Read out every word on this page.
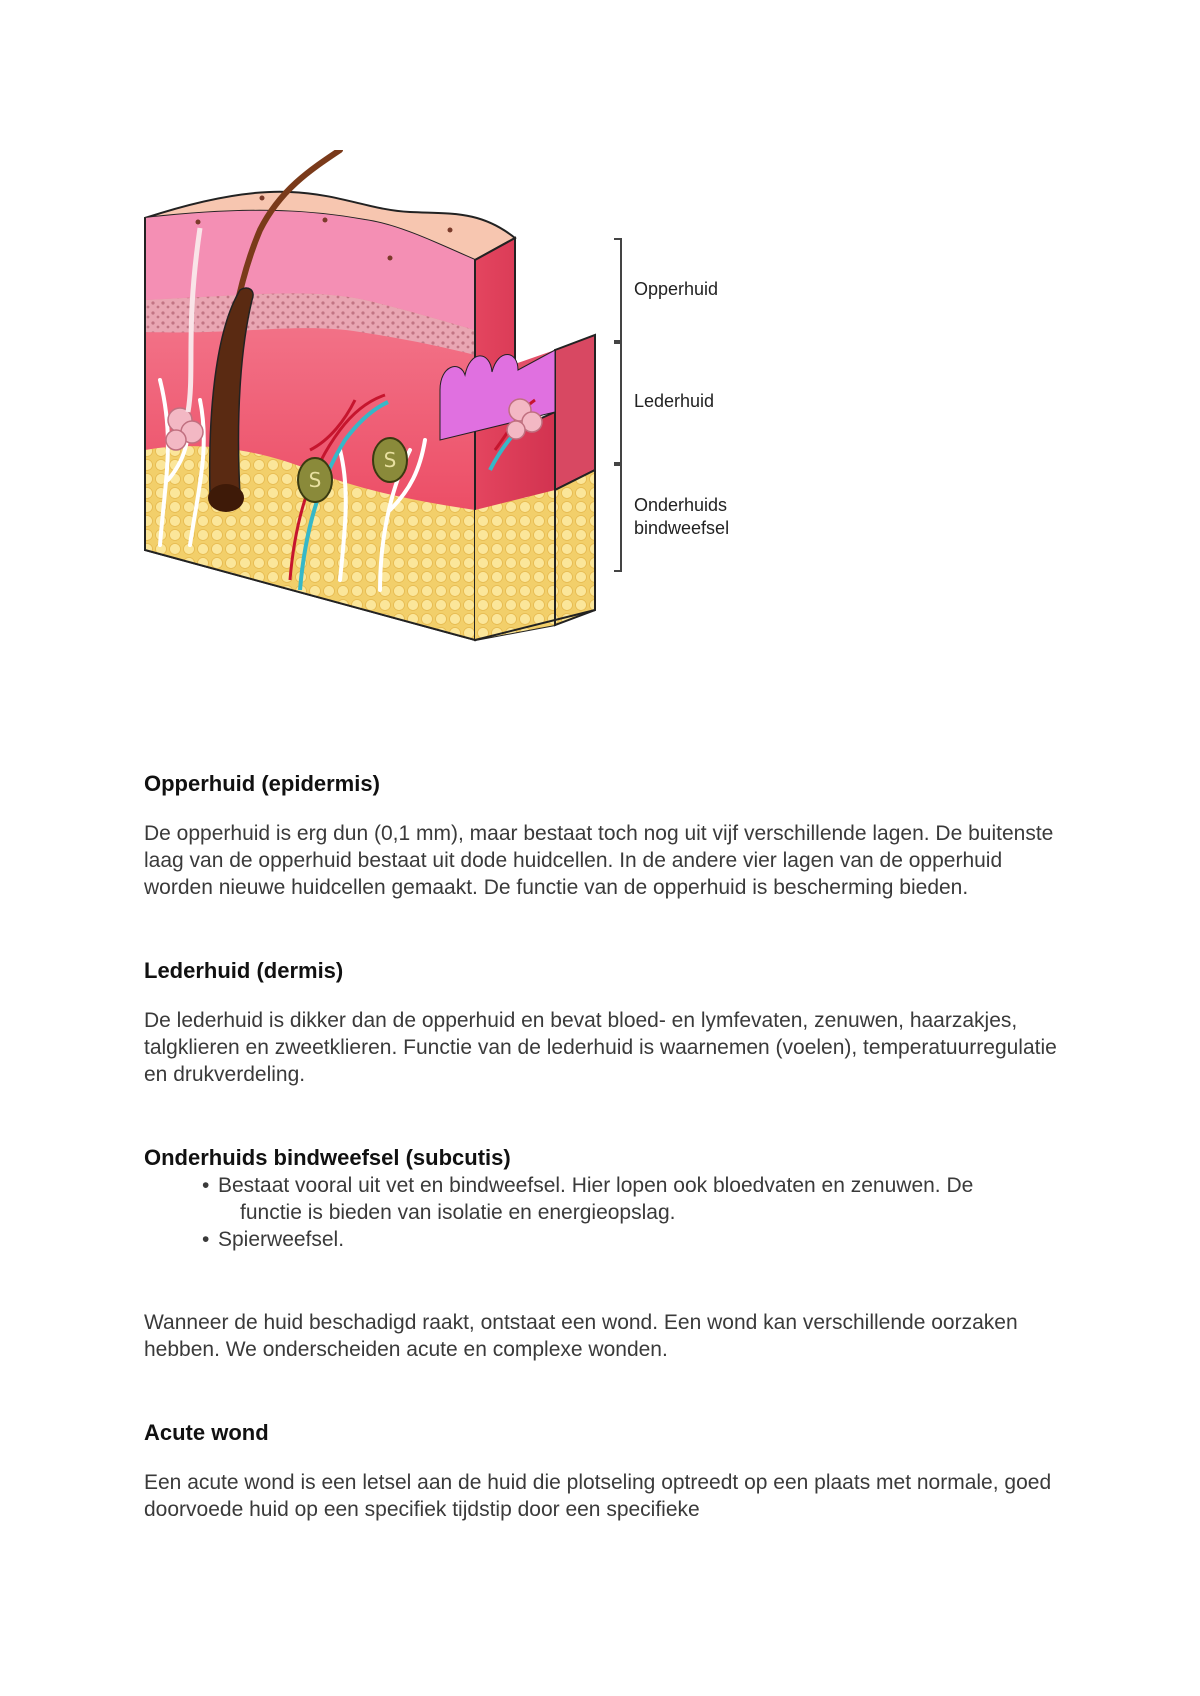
S
S
Opperhuid
Lederhuid
Onderhuids
bindweefsel
Opperhuid (epidermis)

De opperhuid is erg dun (0,1 mm), maar bestaat toch nog uit vijf verschillende lagen. De buitenste laag van de opperhuid bestaat uit dode huidcellen. In de andere vier lagen van de opperhuid worden nieuwe huidcellen gemaakt. De functie van de opperhuid is bescherming bieden.

Lederhuid (dermis)

De lederhuid is dikker dan de opperhuid en bevat bloed- en lymfevaten, zenuwen, haarzakjes, talgklieren en zweetklieren. Functie van de lederhuid is waarnemen (voelen), temperatuurregulatie en drukverdeling.

Onderhuids bindweefsel (subcutis)
• Bestaat vooral uit vet en bindweefsel. Hier lopen ook bloedvaten en zenuwen. De
functie is bieden van isolatie en energieopslag.
• Spierweefsel.

Wanneer de huid beschadigd raakt, ontstaat een wond. Een wond kan verschillende oorzaken hebben. We onderscheiden acute en complexe wonden.

Acute wond

Een acute wond is een letsel aan de huid die plotseling optreedt op een plaats met normale, goed doorvoede huid op een specifiek tijdstip door een specifieke
